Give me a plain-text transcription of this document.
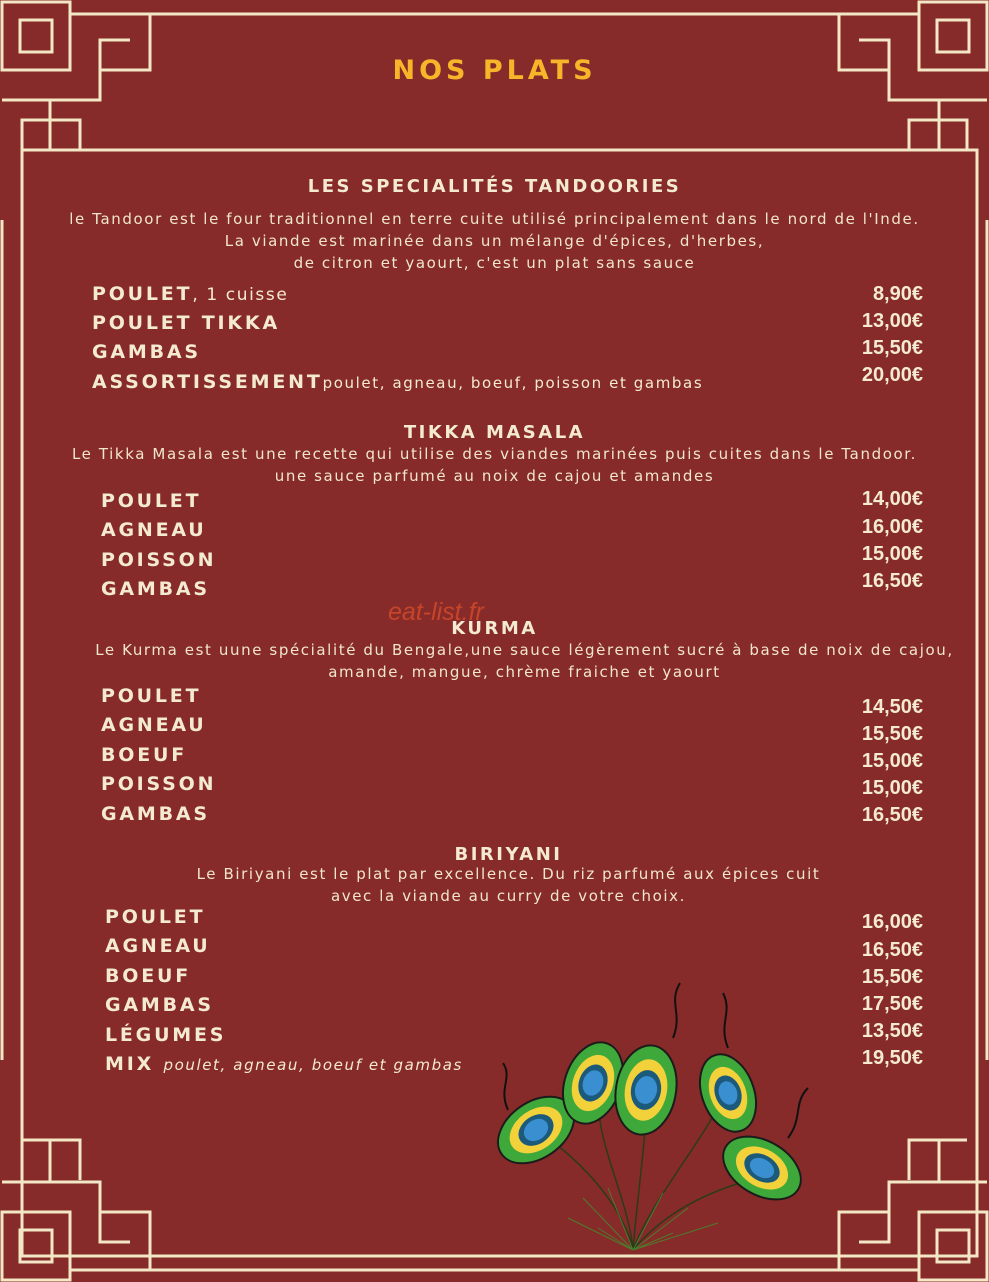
NOS PLATS
LES SPECIALITÉS TANDOORIES
le Tandoor est le four traditionnel en terre cuite utilisé principalement dans le nord de l'Inde.
La viande est marinée dans un mélange d'épices, d'herbes,
de citron et yaourt, c'est un plat sans sauce
POULET, 1 cuisse	8,90€
POULET TIKKA	13,00€
GAMBAS	15,50€
ASSORTISSEMENTpoulet, agneau, boeuf, poisson et gambas	20,00€
TIKKA MASALA
Le Tikka Masala est une recette qui utilise des viandes marinées puis cuites dans le Tandoor.
une sauce parfumé au noix de cajou et amandes
POULET	14,00€
AGNEAU	16,00€
POISSON	15,00€
GAMBAS	16,50€
eat-list.fr
KURMA
Le Kurma est uune spécialité du Bengale,une sauce légèrement sucré à base de noix de cajou,
amande, mangue, chrème fraiche et yaourt
POULET	14,50€
AGNEAU	15,50€
BOEUF	15,00€
POISSON	15,00€
GAMBAS	16,50€
BIRIYANI
Le Biriyani est le plat par excellence. Du riz parfumé aux épices cuit
avec la viande au curry de votre choix.
POULET	16,00€
AGNEAU	16,50€
BOEUF	15,50€
GAMBAS	17,50€
LÉGUMES	13,50€
MIX poulet, agneau, boeuf et gambas	19,50€
